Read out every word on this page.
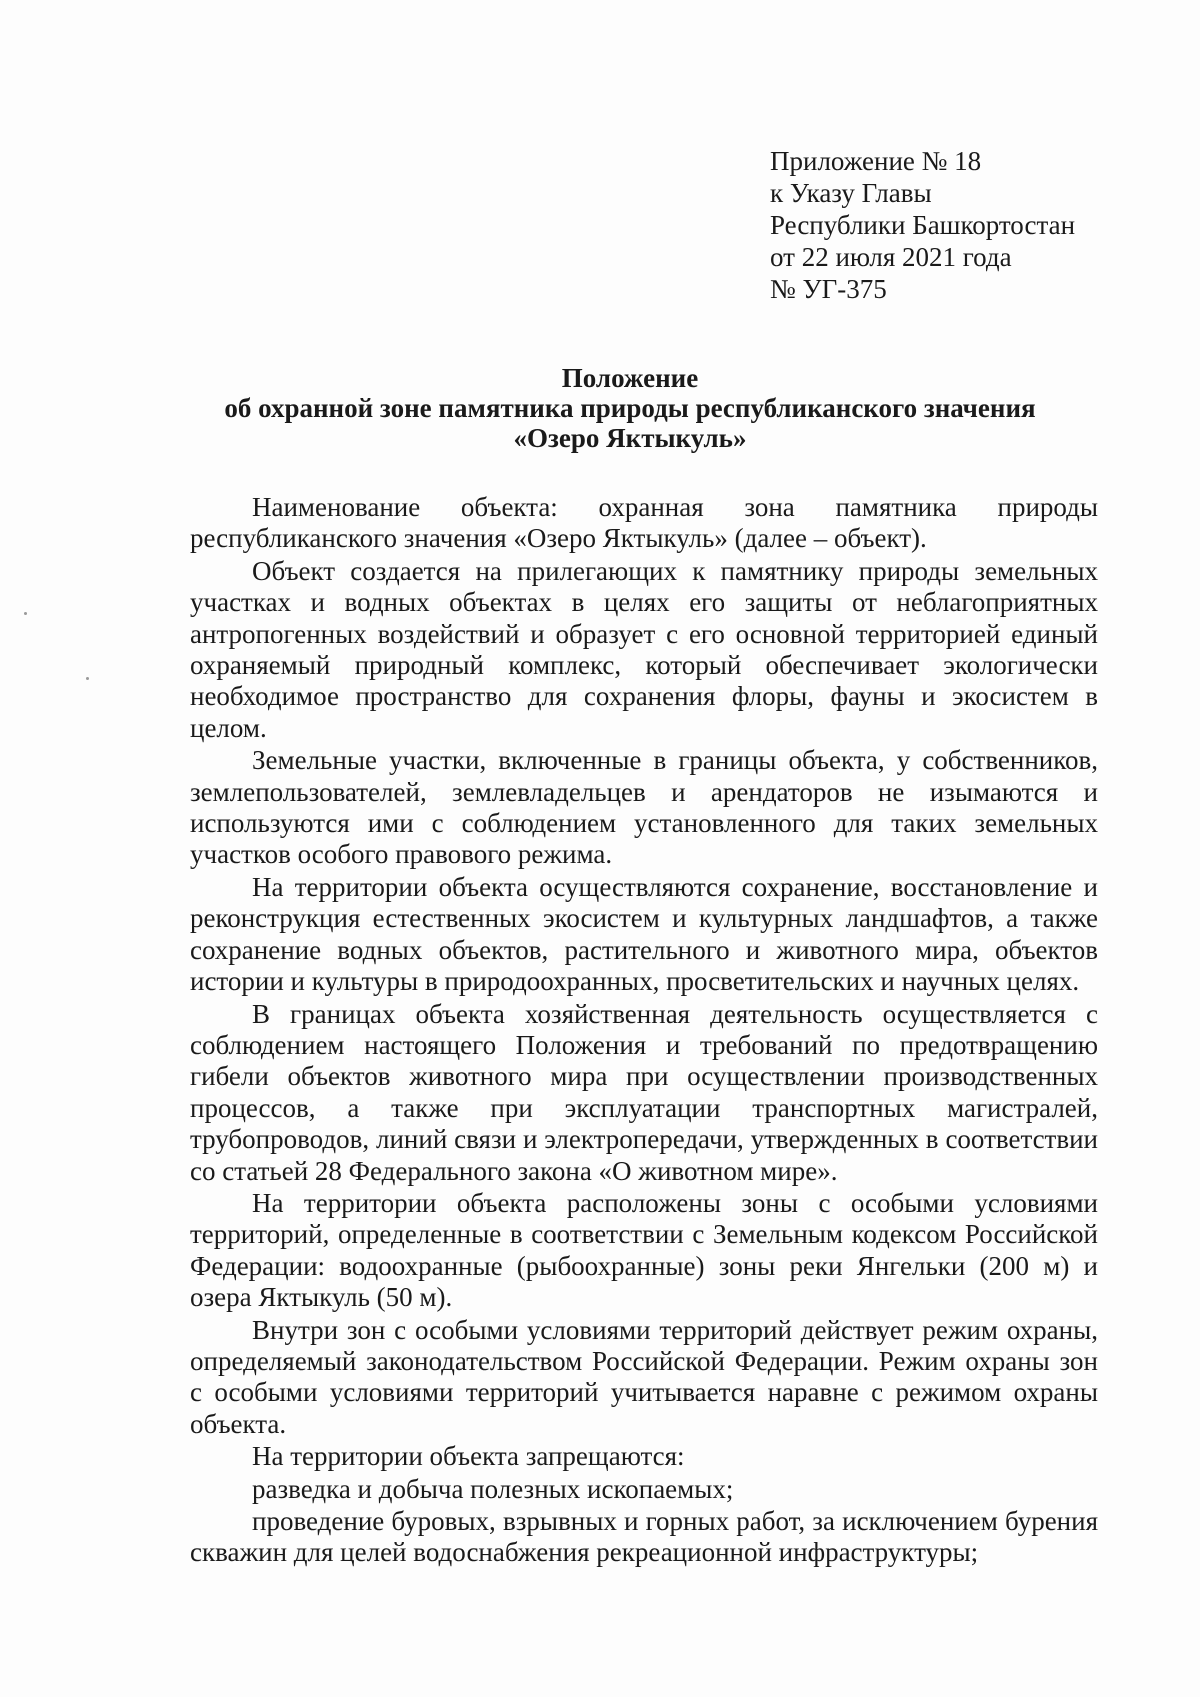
Приложение № 18
к Указу Главы
Республики Башкортостан
от 22 июля 2021 года
№ УГ-375
Положение
об охранной зоне памятника природы республиканского значения
«Озеро Яктыкуль»

Наименование объекта: охранная зона памятника природы республиканского значения «Озеро Яктыкуль» (далее – объект).

Объект создается на прилегающих к памятнику природы земельных участках и водных объектах в целях его защиты от неблагоприятных антропогенных воздействий и образует с его основной территорией единый охраняемый природный комплекс, который обеспечивает экологически необходимое пространство для сохранения флоры, фауны и экосистем в целом.

Земельные участки, включенные в границы объекта, у собственников, землепользователей, землевладельцев и арендаторов не изымаются и используются ими с соблюдением установленного для таких земельных участков особого правового режима.

На территории объекта осуществляются сохранение, восстановление и реконструкция естественных экосистем и культурных ландшафтов, а также сохранение водных объектов, растительного и животного мира, объектов истории и культуры в природоохранных, просветительских и научных целях.

В границах объекта хозяйственная деятельность осуществляется с соблюдением настоящего Положения и требований по предотвращению гибели объектов животного мира при осуществлении производственных процессов, а также при эксплуатации транспортных магистралей, трубопроводов, линий связи и электропередачи, утвержденных в соответствии со статьей 28 Федерального закона «О животном мире».

На территории объекта расположены зоны с особыми условиями территорий, определенные в соответствии с Земельным кодексом Российской Федерации: водоохранные (рыбоохранные) зоны реки Янгельки (200 м) и озера Яктыкуль (50 м).

Внутри зон с особыми условиями территорий действует режим охраны, определяемый законодательством Российской Федерации. Режим охраны зон с особыми условиями территорий учитывается наравне с режимом охраны объекта.

На территории объекта запрещаются:

разведка и добыча полезных ископаемых;

проведение буровых, взрывных и горных работ, за исключением бурения скважин для целей водоснабжения рекреационной инфраструктуры;
